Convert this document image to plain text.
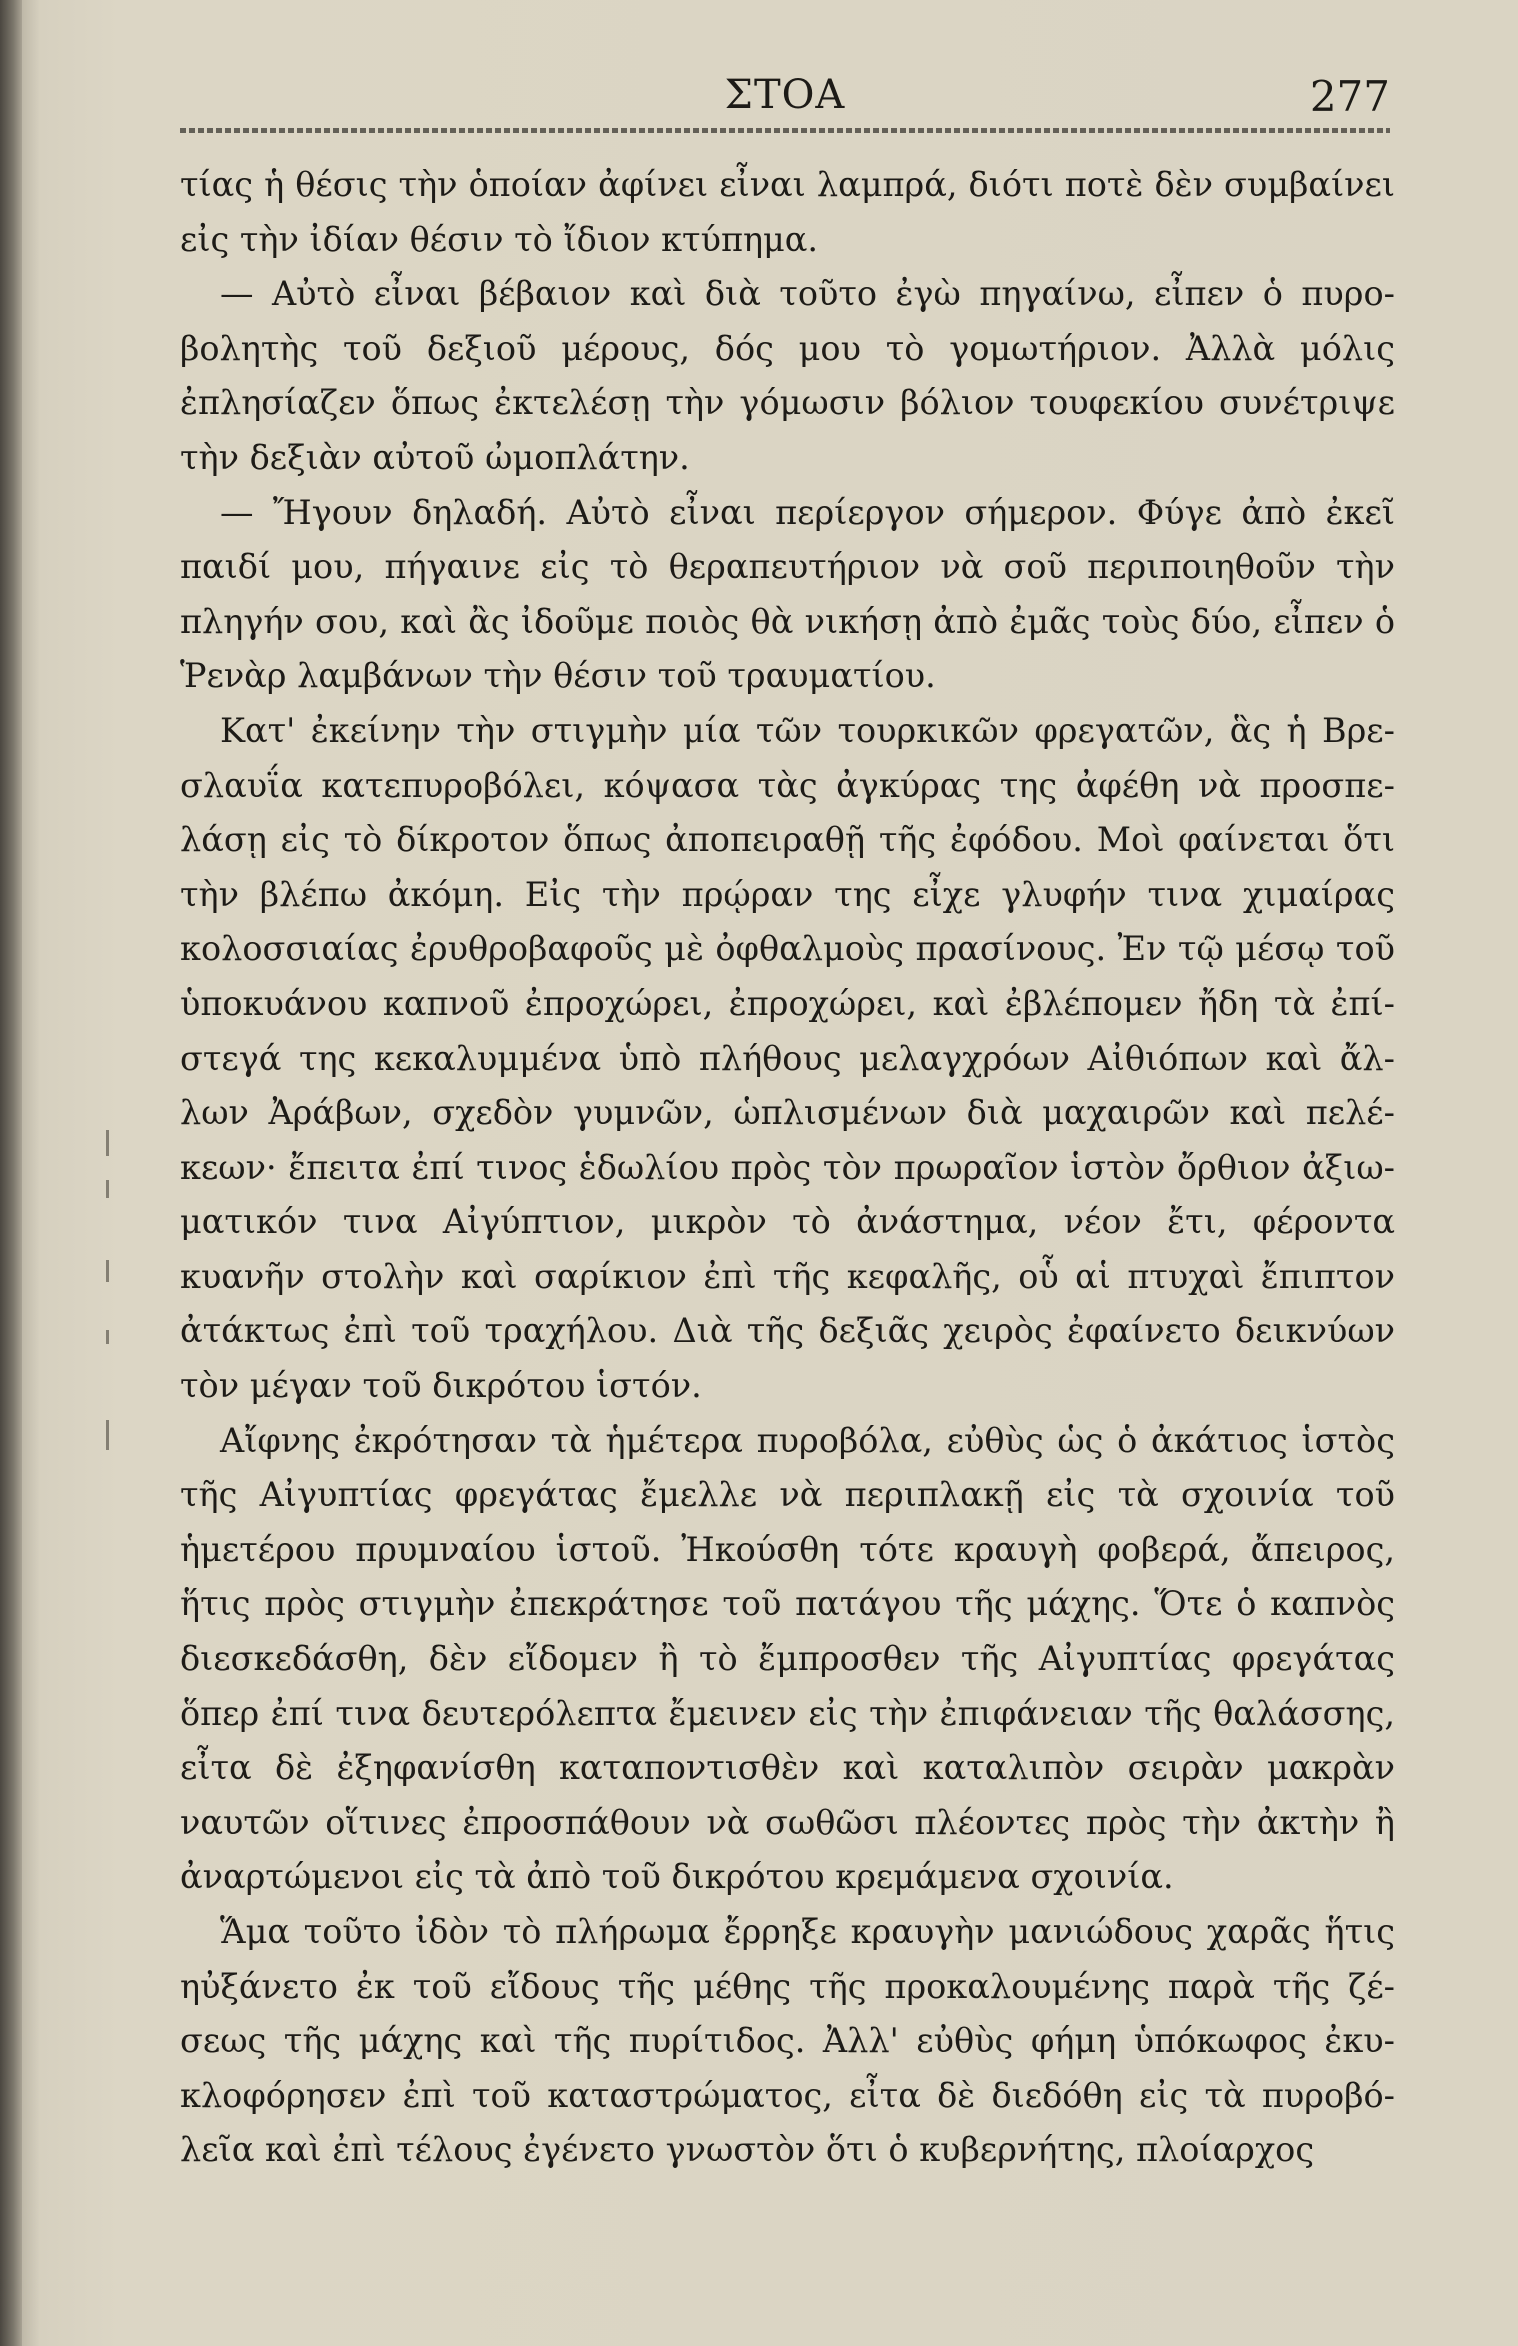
ΣΤΟΑ	277

τίας ἡ θέσις τὴν ὁποίαν ἀφίνει εἶναι λαμπρά, διότι ποτὲ δὲν συμβαίνει εἰς τὴν ἰδίαν θέσιν τὸ ἴδιον κτύπημα.

— Αὐτὸ εἶναι βέβαιον καὶ διὰ τοῦτο ἐγὼ πηγαίνω, εἶπεν ὁ πυροβολητὴς τοῦ δεξιοῦ μέρους, δός μου τὸ γομωτήριον. Ἀλλὰ μόλις ἐπλησίαζεν ὅπως ἐκτελέσῃ τὴν γόμωσιν βόλιον τουφεκίου συνέτριψε τὴν δεξιὰν αὐτοῦ ὠμοπλάτην.

— Ἤγουν δηλαδή. Αὐτὸ εἶναι περίεργον σήμερον. Φύγε ἀπὸ ἐκεῖ παιδί μου, πήγαινε εἰς τὸ θεραπευτήριον νὰ σοῦ περιποιηθοῦν τὴν πληγήν σου, καὶ ἂς ἰδοῦμε ποιὸς θὰ νικήσῃ ἀπὸ ἐμᾶς τοὺς δύο, εἶπεν ὁ Ῥενὰρ λαμβάνων τὴν θέσιν τοῦ τραυματίου.

Κατ' ἐκείνην τὴν στιγμὴν μία τῶν τουρκικῶν φρεγατῶν, ἃς ἡ Βρεσλαυΐα κατεπυροβόλει, κόψασα τὰς ἀγκύρας της ἀφέθη νὰ προσπελάσῃ εἰς τὸ δίκροτον ὅπως ἀποπειραθῇ τῆς ἐφόδου. Μοὶ φαίνεται ὅτι τὴν βλέπω ἀκόμη. Εἰς τὴν πρῴραν της εἶχε γλυφήν τινα χιμαίρας κολοσσιαίας ἐρυθροβαφοῦς μὲ ὀφθαλμοὺς πρασίνους. Ἐν τῷ μέσῳ τοῦ ὑποκυάνου καπνοῦ ἐπροχώρει, ἐπροχώρει, καὶ ἐβλέπομεν ἤδη τὰ ἐπίστεγά της κεκαλυμμένα ὑπὸ πλήθους μελαγχρόων Αἰθιόπων καὶ ἄλλων Ἀράβων, σχεδὸν γυμνῶν, ὡπλισμένων διὰ μαχαιρῶν καὶ πελέκεων· ἔπειτα ἐπί τινος ἑδωλίου πρὸς τὸν πρωραῖον ἱστὸν ὄρθιον ἀξιωματικόν τινα Αἰγύπτιον, μικρὸν τὸ ἀνάστημα, νέον ἔτι, φέροντα κυανῆν στολὴν καὶ σαρίκιον ἐπὶ τῆς κεφαλῆς, οὗ αἱ πτυχαὶ ἔπιπτον ἀτάκτως ἐπὶ τοῦ τραχήλου. Διὰ τῆς δεξιᾶς χειρὸς ἐφαίνετο δεικνύων τὸν μέγαν τοῦ δικρότου ἱστόν.

Αἴφνης ἐκρότησαν τὰ ἡμέτερα πυροβόλα, εὐθὺς ὡς ὁ ἀκάτιος ἱστὸς τῆς Αἰγυπτίας φρεγάτας ἔμελλε νὰ περιπλακῇ εἰς τὰ σχοινία τοῦ ἡμετέρου πρυμναίου ἱστοῦ. Ἠκούσθη τότε κραυγὴ φοβερά, ἄπειρος, ἥτις πρὸς στιγμὴν ἐπεκράτησε τοῦ πατάγου τῆς μάχης. Ὅτε ὁ καπνὸς διεσκεδάσθη, δὲν εἴδομεν ἢ τὸ ἔμπροσθεν τῆς Αἰγυπτίας φρεγάτας ὅπερ ἐπί τινα δευτερόλεπτα ἔμεινεν εἰς τὴν ἐπιφάνειαν τῆς θαλάσσης, εἶτα δὲ ἐξηφανίσθη καταποντισθὲν καὶ καταλιπὸν σειρὰν μακρὰν ναυτῶν οἵτινες ἐπροσπάθουν νὰ σωθῶσι πλέοντες πρὸς τὴν ἀκτὴν ἢ ἀναρτώμενοι εἰς τὰ ἀπὸ τοῦ δικρότου κρεμάμενα σχοινία.

Ἅμα τοῦτο ἰδὸν τὸ πλήρωμα ἔρρηξε κραυγὴν μανιώδους χαρᾶς ἥτις ηὐξάνετο ἐκ τοῦ εἴδους τῆς μέθης τῆς προκαλουμένης παρὰ τῆς ζέσεως τῆς μάχης καὶ τῆς πυρίτιδος. Ἀλλ' εὐθὺς φήμη ὑπόκωφος ἐκυκλοφόρησεν ἐπὶ τοῦ καταστρώματος, εἶτα δὲ διεδόθη εἰς τὰ πυροβόλεῖα καὶ ἐπὶ τέλους ἐγένετο γνωστὸν ὅτι ὁ κυβερνήτης, πλοίαρχος
